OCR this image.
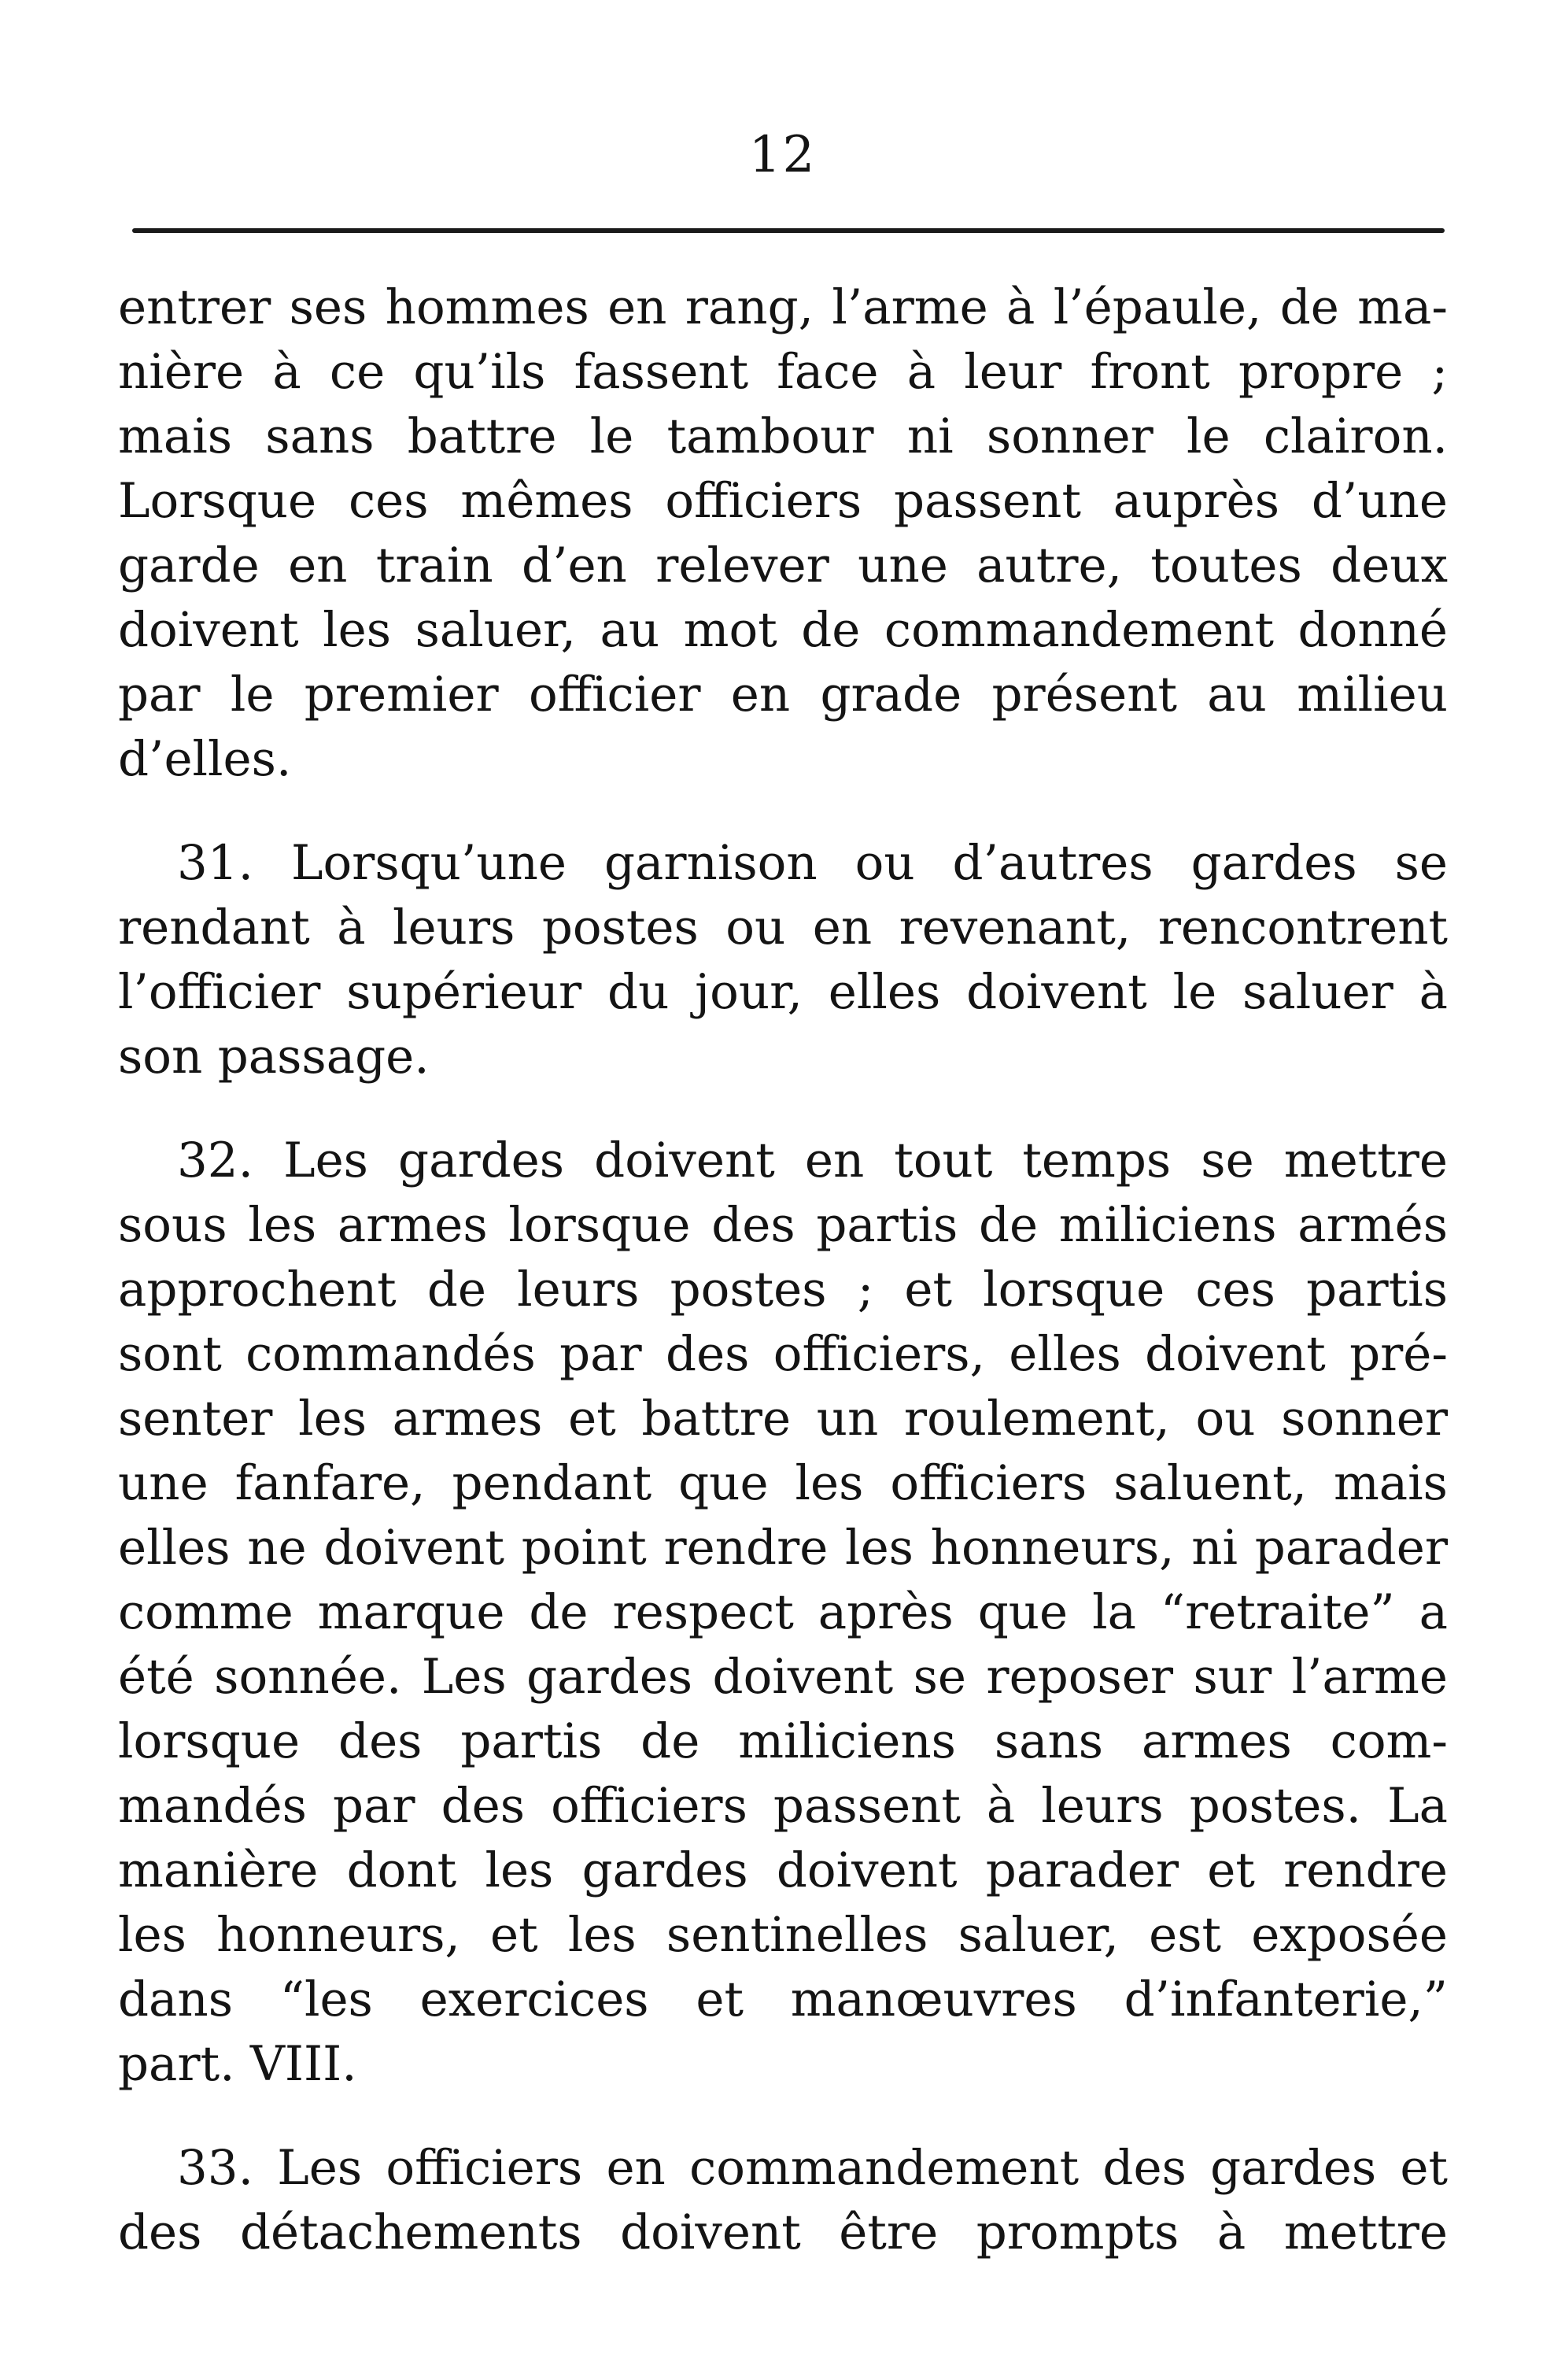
12

entrer ses hommes en rang, l’arme à l’épaule, de ma-
nière à ce qu’ils fassent face à leur front propre ;
mais sans battre le tambour ni sonner le clairon.
Lorsque ces mêmes officiers passent auprès d’une
garde en train d’en relever une autre, toutes deux
doivent les saluer, au mot de commandement donné
par le premier officier en grade présent au milieu
d’elles.

31. Lorsqu’une garnison ou d’autres gardes se
rendant à leurs postes ou en revenant, rencontrent
l’officier supérieur du jour, elles doivent le saluer à
son passage.

32. Les gardes doivent en tout temps se mettre
sous les armes lorsque des partis de miliciens armés
approchent de leurs postes ; et lorsque ces partis
sont commandés par des officiers, elles doivent pré-
senter les armes et battre un roulement, ou sonner
une fanfare, pendant que les officiers saluent, mais
elles ne doivent point rendre les honneurs, ni parader
comme marque de respect après que la “retraite” a
été sonnée. Les gardes doivent se reposer sur l’arme
lorsque des partis de miliciens sans armes com-
mandés par des officiers passent à leurs postes. La
manière dont les gardes doivent parader et rendre
les honneurs, et les sentinelles saluer, est exposée
dans “les exercices et manœuvres d’infanterie,”
part. VIII.

33. Les officiers en commandement des gardes et
des détachements doivent être prompts à mettre
